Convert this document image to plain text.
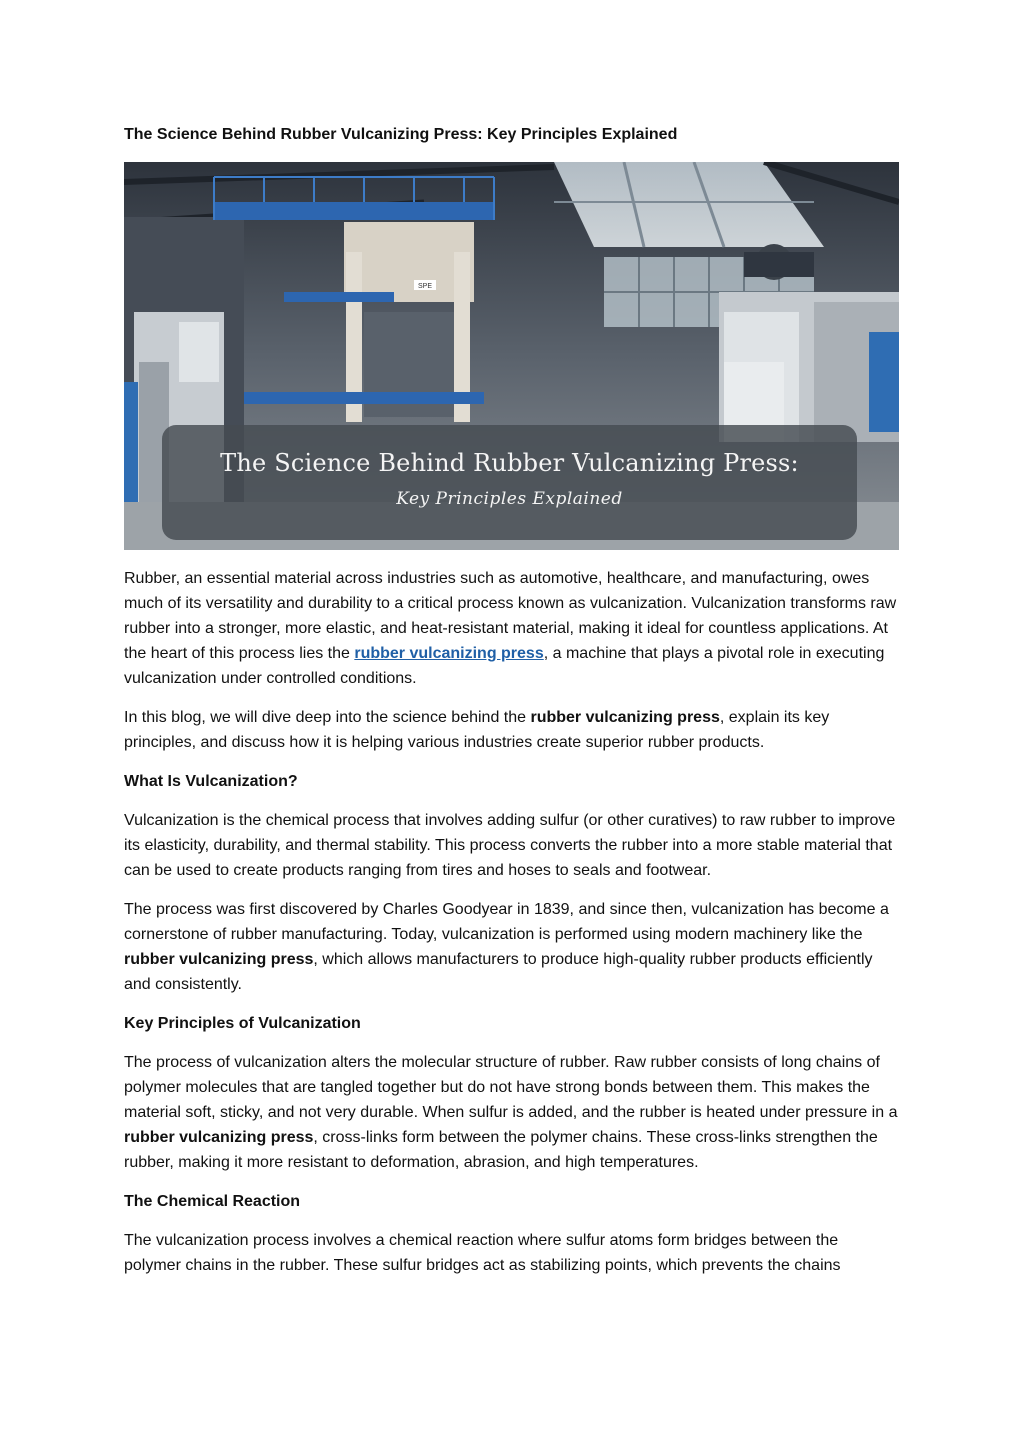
The Science Behind Rubber Vulcanizing Press: Key Principles Explained
SPE
The Science Behind Rubber Vulcanizing Press:
Key Principles Explained

Rubber, an essential material across industries such as automotive, healthcare, and manufacturing, owes much of its versatility and durability to a critical process known as vulcanization. Vulcanization transforms raw rubber into a stronger, more elastic, and heat-resistant material, making it ideal for countless applications. At the heart of this process lies the rubber vulcanizing press, a machine that plays a pivotal role in executing vulcanization under controlled conditions.

In this blog, we will dive deep into the science behind the rubber vulcanizing press, explain its key principles, and discuss how it is helping various industries create superior rubber products.

What Is Vulcanization?

Vulcanization is the chemical process that involves adding sulfur (or other curatives) to raw rubber to improve its elasticity, durability, and thermal stability. This process converts the rubber into a more stable material that can be used to create products ranging from tires and hoses to seals and footwear.

The process was first discovered by Charles Goodyear in 1839, and since then, vulcanization has become a cornerstone of rubber manufacturing. Today, vulcanization is performed using modern machinery like the rubber vulcanizing press, which allows manufacturers to produce high-quality rubber products efficiently and consistently.

Key Principles of Vulcanization

The process of vulcanization alters the molecular structure of rubber. Raw rubber consists of long chains of polymer molecules that are tangled together but do not have strong bonds between them. This makes the material soft, sticky, and not very durable. When sulfur is added, and the rubber is heated under pressure in a rubber vulcanizing press, cross-links form between the polymer chains. These cross-links strengthen the rubber, making it more resistant to deformation, abrasion, and high temperatures.

The Chemical Reaction

The vulcanization process involves a chemical reaction where sulfur atoms form bridges between the polymer chains in the rubber. These sulfur bridges act as stabilizing points, which prevents the chains
